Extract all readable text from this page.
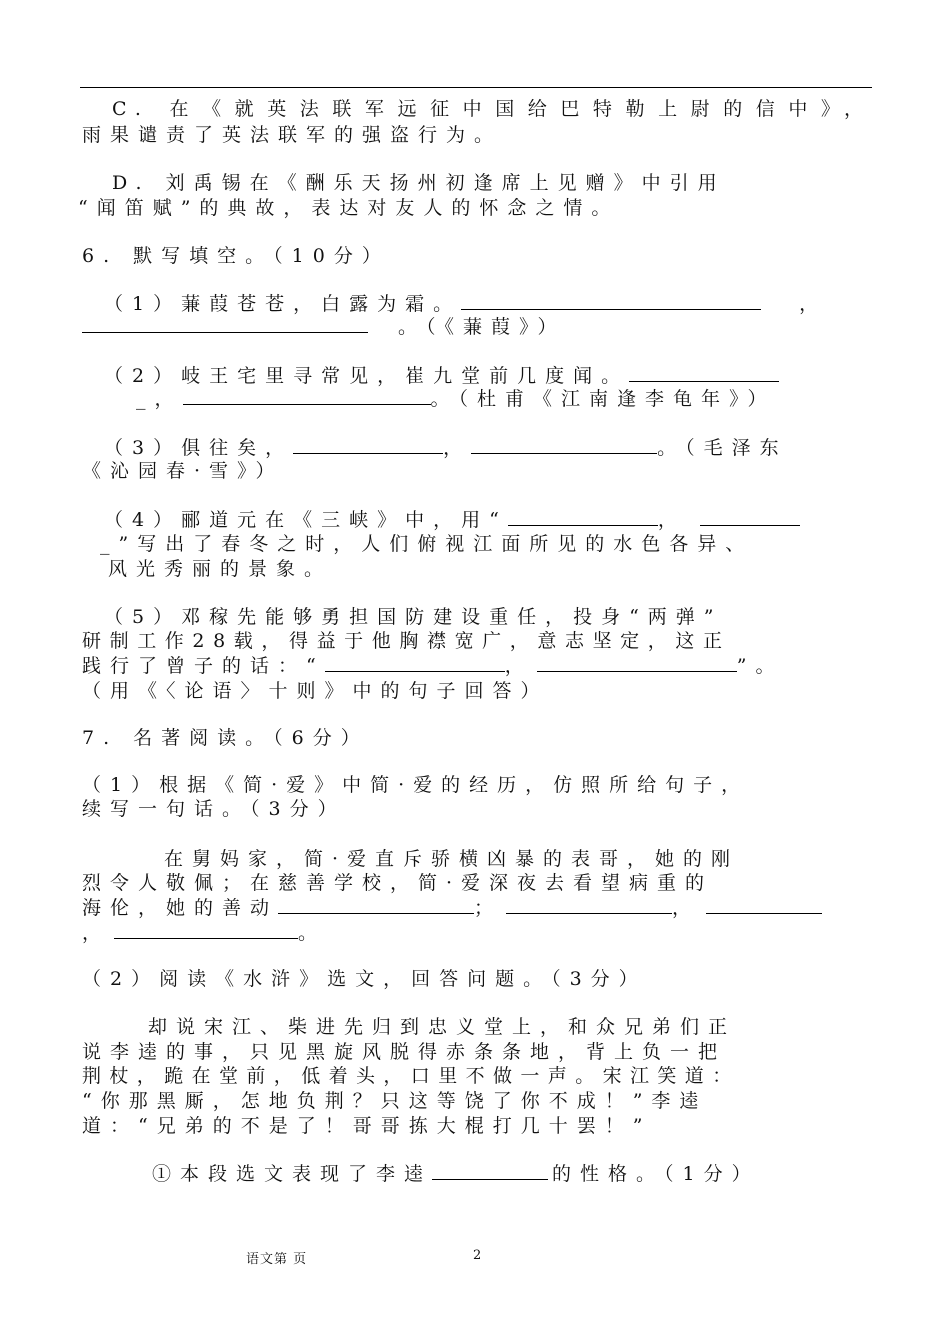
C. 在《就英法联军远征中国给巴特勒上尉的信中》，
雨果谴责了英法联军的强盗行为。
D. 刘禹锡在《酬乐天扬州初逢席上见赠》中引用
“闻笛赋”的典故，表达对友人的怀念之情。
6. 默写填空。（10分）
（1）蒹葭苍苍，白露为霜。	，
。（《蒹葭》）
（2）岐王宅里寻常见，崔九堂前几度闻。
_，	。（杜甫《江南逢李龟年》）
（3）俱往矣，	，	。（毛泽东
《沁园春·雪》）
（4）郦道元在《三峡》中，用“	，
_”写出了春冬之时，人们俯视江面所见的水色各异、
风光秀丽的景象。
（5）邓稼先能够勇担国防建设重任，投身“两弹”
研制工作28载，得益于他胸襟宽广，意志坚定，这正
践行了曾子的话：“	，	”。
（用《〈论语〉十则》中的句子回答）
7. 名著阅读。（6分）
（1）根据《简·爱》中简·爱的经历，仿照所给句子，
续写一句话。（3分）
在舅妈家，简·爱直斥骄横凶暴的表哥，她的刚
烈令人敬佩；在慈善学校，简·爱深夜去看望病重的
海伦，她的善动	；	，
，	。
（2）阅读《水浒》选文，回答问题。（3分）
却说宋江、柴进先归到忠义堂上，和众兄弟们正
说李逵的事，只见黑旋风脱得赤条条地，背上负一把
荆杖，跪在堂前，低着头，口里不做一声。宋江笑道：
“你那黑厮，怎地负荆？只这等饶了你不成！”李逵
道：“兄弟的不是了！哥哥拣大棍打几十罢！”
①本段选文表现了李逵	的性格。（1分）
语文第 页	2
